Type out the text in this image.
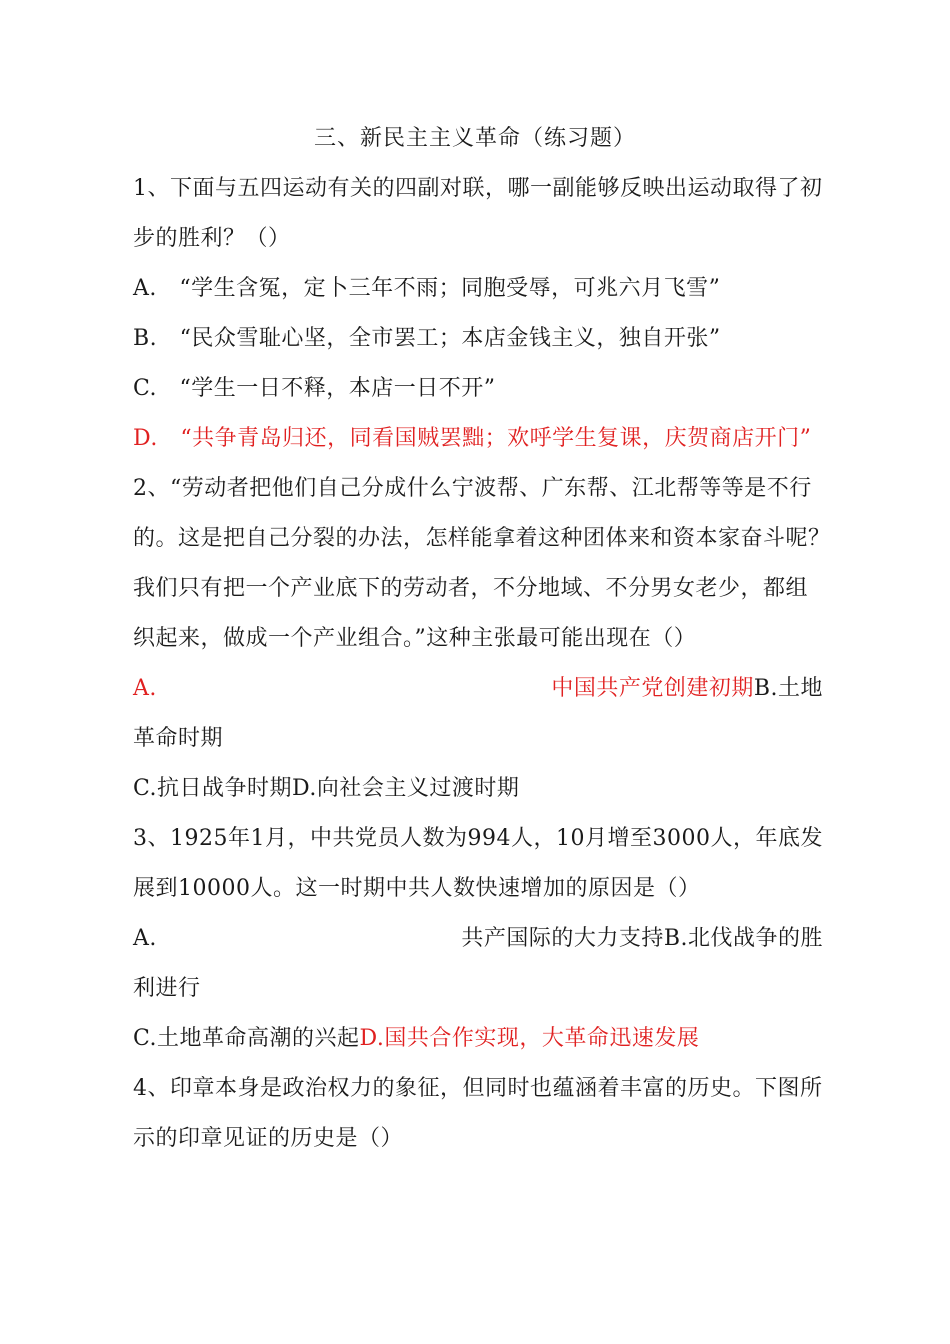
三、新民主主义革命（练习题）
1、下面与五四运动有关的四副对联，哪一副能够反映出运动取得了初
步的胜利？（）
A.　“学生含冤，定卜三年不雨；同胞受辱，可兆六月飞雪”
B.　“民众雪耻心坚，全市罢工；本店金钱主义，独自开张”
C.　“学生一日不释，本店一日不开”
D.　“共争青岛归还，同看国贼罢黜；欢呼学生复课，庆贺商店开门”
2、“劳动者把他们自己分成什么宁波帮、广东帮、江北帮等等是不行
的。这是把自己分裂的办法，怎样能拿着这种团体来和资本家奋斗呢？
我们只有把一个产业底下的劳动者，不分地域、不分男女老少，都组
织起来，做成一个产业组合。”这种主张最可能出现在（）
A.	中国共产党创建初期B.土地
革命时期
C.抗日战争时期D.向社会主义过渡时期
3、1925年1月，中共党员人数为994人，10月增至3000人，年底发
展到10000人。这一时期中共人数快速增加的原因是（）
A.	共产国际的大力支持B.北伐战争的胜
利进行
C.土地革命高潮的兴起D.国共合作实现，大革命迅速发展
4、印章本身是政治权力的象征，但同时也蕴涵着丰富的历史。下图所
示的印章见证的历史是（）
